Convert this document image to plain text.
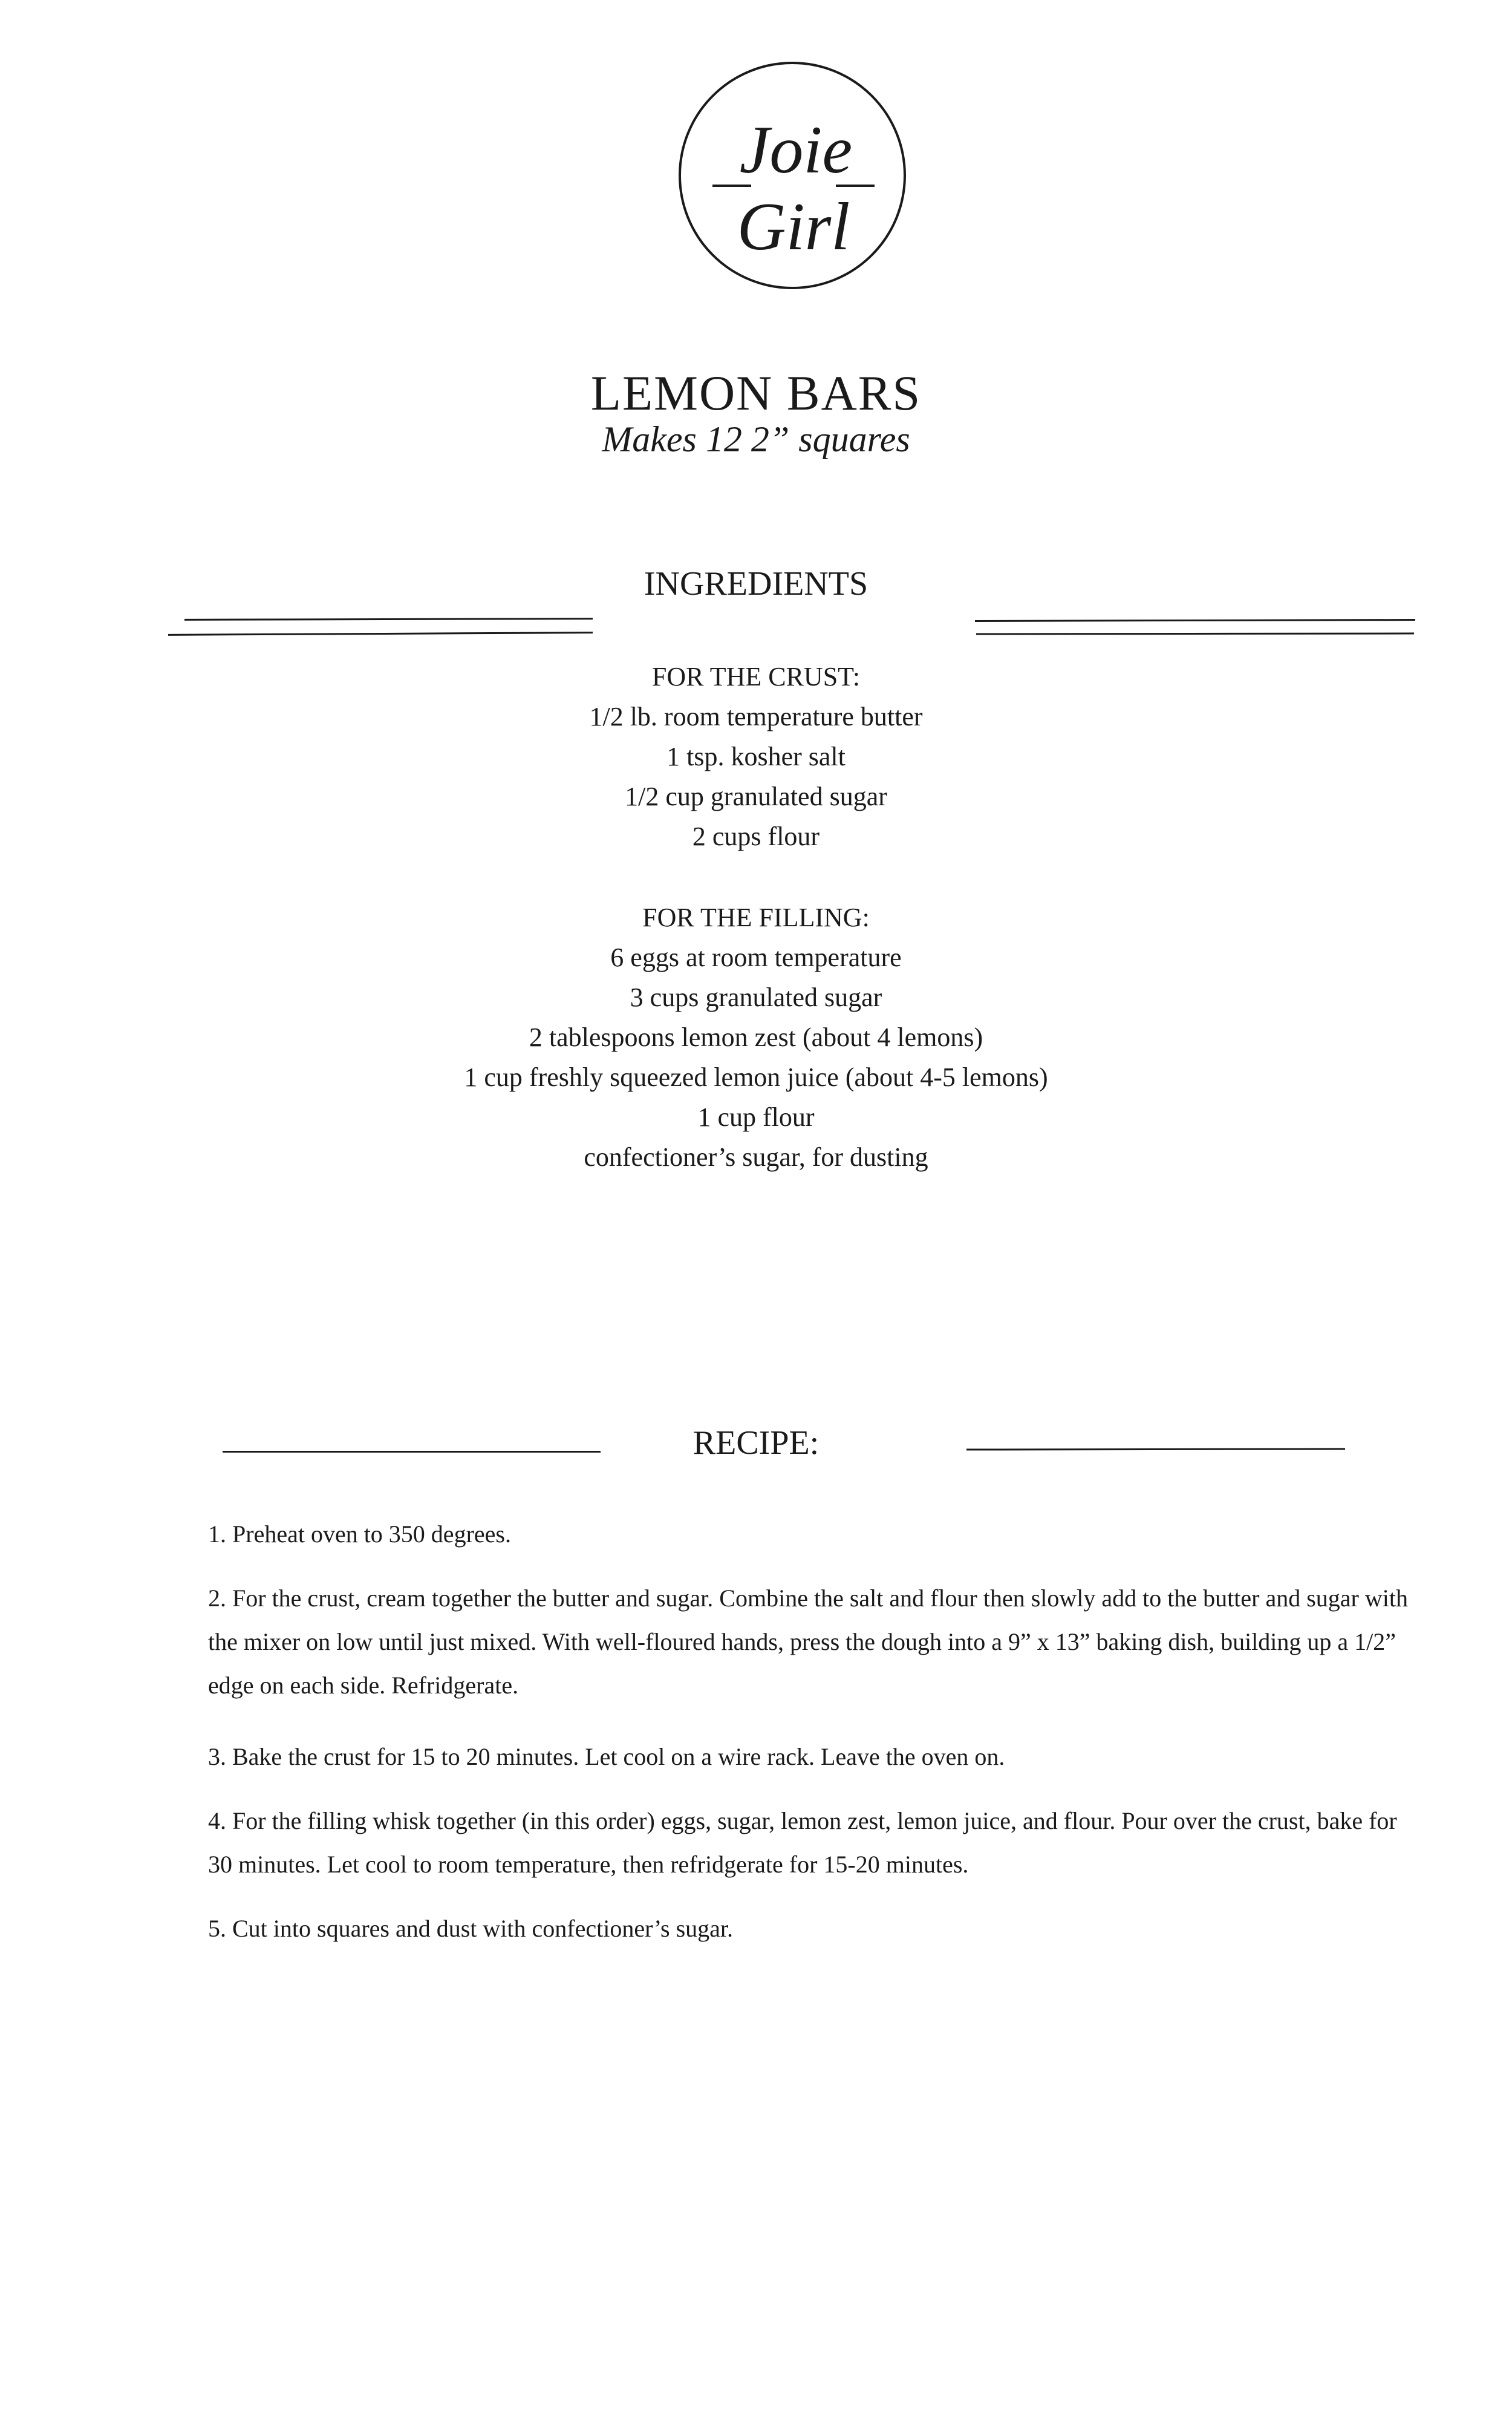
Joie
Girl
LEMON BARS
Makes 12 2” squares
INGREDIENTS
FOR THE CRUST:
1/2 lb. room temperature butter
1 tsp. kosher salt
1/2 cup granulated sugar
2 cups flour
FOR THE FILLING:
6 eggs at room temperature
3 cups granulated sugar
2 tablespoons lemon zest (about 4 lemons)
1 cup freshly squeezed lemon juice (about 4-5 lemons)
1 cup flour
confectioner’s sugar, for dusting
RECIPE:

1. Preheat oven to 350 degrees.

2. For the crust, cream together the butter and sugar. Combine the salt and flour then slowly add to the butter and sugar with the mixer on low until just mixed. With well-floured hands, press the dough into a 9” x 13” baking dish, building up a 1/2” edge on each side. Refridgerate.

3. Bake the crust for 15 to 20 minutes. Let cool on a wire rack. Leave the oven on.

4. For the filling whisk together (in this order) eggs, sugar, lemon zest, lemon juice, and flour. Pour over the crust, bake for 30 minutes. Let cool to room temperature, then refridgerate for 15-20 minutes.

5. Cut into squares and dust with confectioner’s sugar.
